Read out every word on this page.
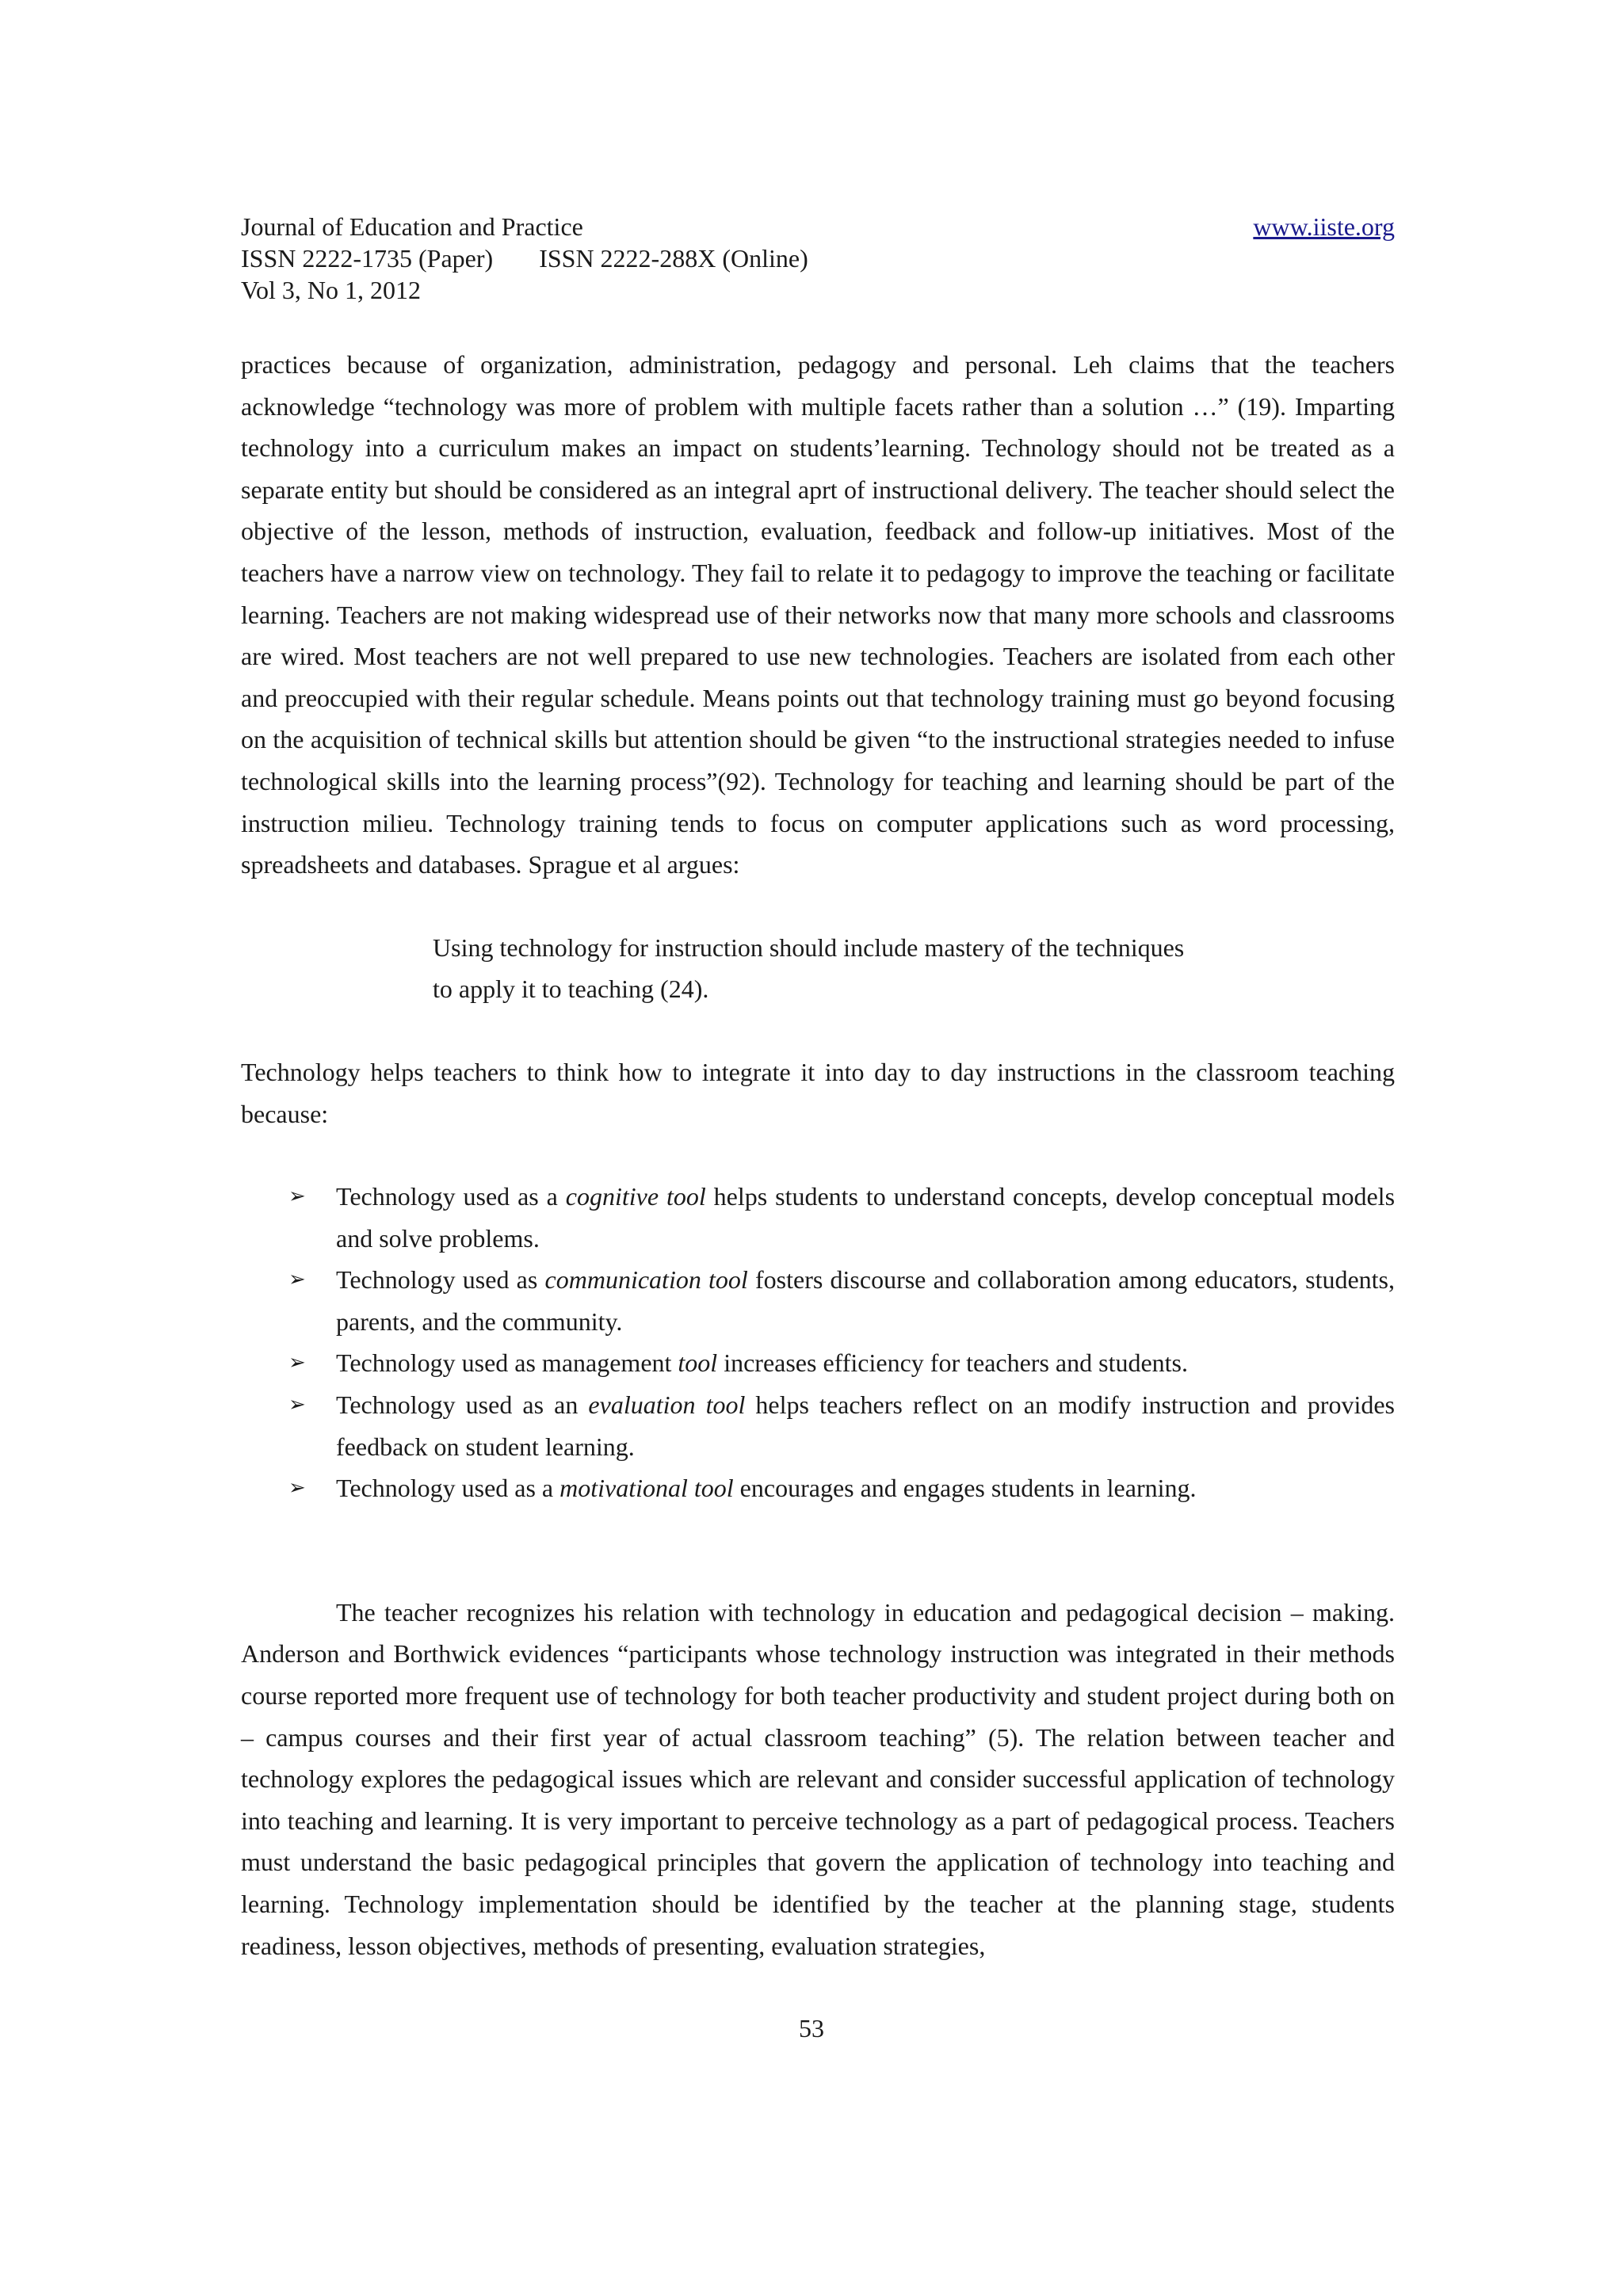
Journal of Education and Practice	www.iiste.org
ISSN 2222-1735 (Paper) ISSN 2222-288X (Online)
Vol 3, No 1, 2012

practices because of organization, administration, pedagogy and personal. Leh claims that the teachers acknowledge “technology was more of problem with multiple facets rather than a solution …” (19). Imparting technology into a curriculum makes an impact on students’learning. Technology should not be treated as a separate entity but should be considered as an integral aprt of instructional delivery. The teacher should select the objective of the lesson, methods of instruction, evaluation, feedback and follow-up initiatives. Most of the teachers have a narrow view on technology. They fail to relate it to pedagogy to improve the teaching or facilitate learning. Teachers are not making widespread use of their networks now that many more schools and classrooms are wired. Most teachers are not well prepared to use new technologies. Teachers are isolated from each other and preoccupied with their regular schedule. Means points out that technology training must go beyond focusing on the acquisition of technical skills but attention should be given “to the instructional strategies needed to infuse technological skills into the learning process”(92). Technology for teaching and learning should be part of the instruction milieu. Technology training tends to focus on computer applications such as word processing, spreadsheets and databases. Sprague et al argues:

Using technology for instruction should include mastery of the techniques
to apply it to teaching (24).

Technology helps teachers to think how to integrate it into day to day instructions in the classroom teaching because:

➢ Technology used as a cognitive tool helps students to understand concepts, develop conceptual models and solve problems.
➢ Technology used as communication tool fosters discourse and collaboration among educators, students, parents, and the community.
➢ Technology used as management tool increases efficiency for teachers and students.
➢ Technology used as an evaluation tool helps teachers reflect on an modify instruction and provides feedback on student learning.
➢ Technology used as a motivational tool encourages and engages students in learning.

The teacher recognizes his relation with technology in education and pedagogical decision – making. Anderson and Borthwick evidences “participants whose technology instruction was integrated in their methods course reported more frequent use of technology for both teacher productivity and student project during both on – campus courses and their first year of actual classroom teaching” (5). The relation between teacher and technology explores the pedagogical issues which are relevant and consider successful application of technology into teaching and learning. It is very important to perceive technology as a part of pedagogical process. Teachers must understand the basic pedagogical principles that govern the application of technology into teaching and learning. Technology implementation should be identified by the teacher at the planning stage, students readiness, lesson objectives, methods of presenting, evaluation strategies,

53
